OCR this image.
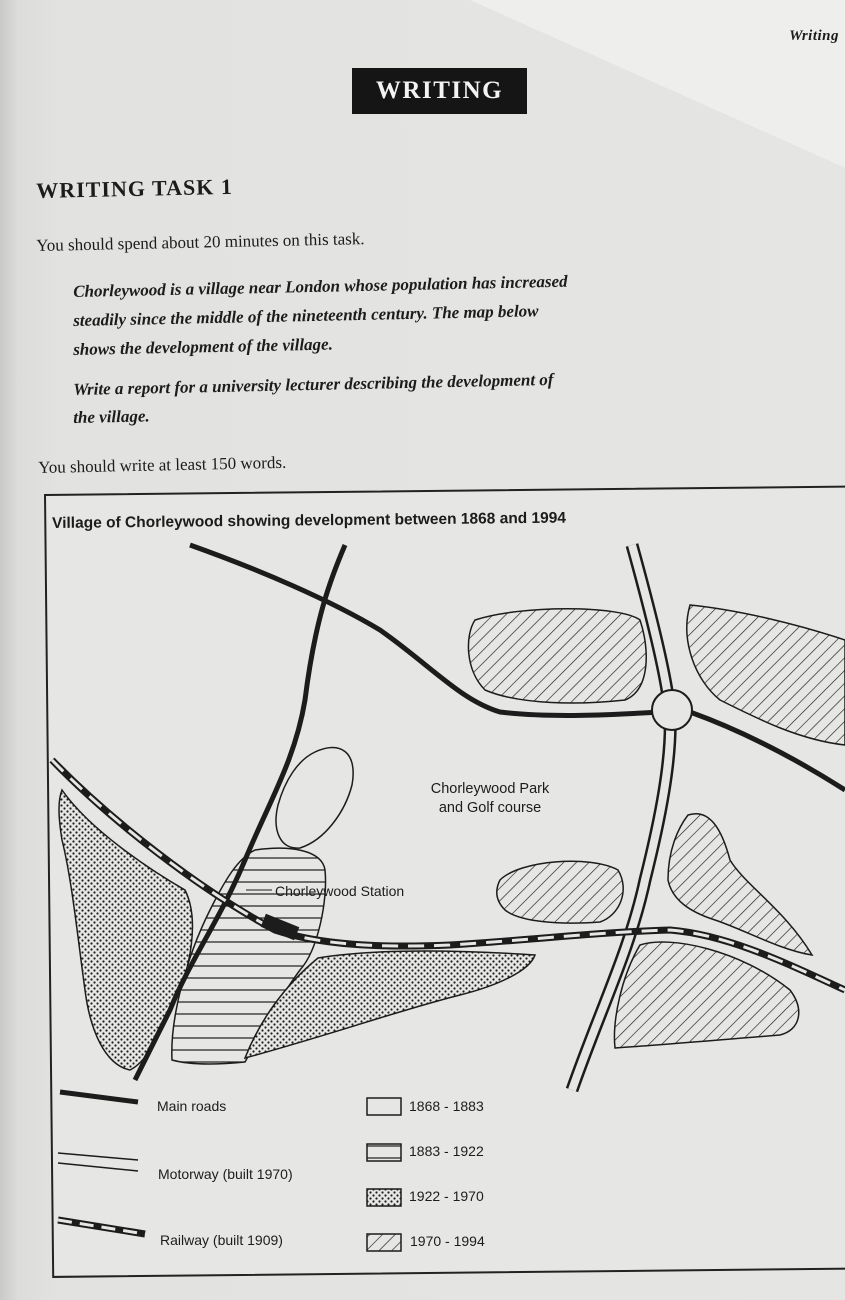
Writing
WRITING
WRITING TASK 1
You should spend about 20 minutes on this task.
Chorleywood is a village near London whose population has increased
steadily since the middle of the nineteenth century. The map below
shows the development of the village.
Write a report for a university lecturer describing the development of
the village.
You should write at least 150 words.
Village of Chorleywood showing development between 1868 and 1994
Chorleywood Park
and Golf course
Chorleywood Station
Main roads
Motorway (built 1970)
Railway (built 1909)
1868 - 1883
1883 - 1922
1922 - 1970
1970 - 1994
